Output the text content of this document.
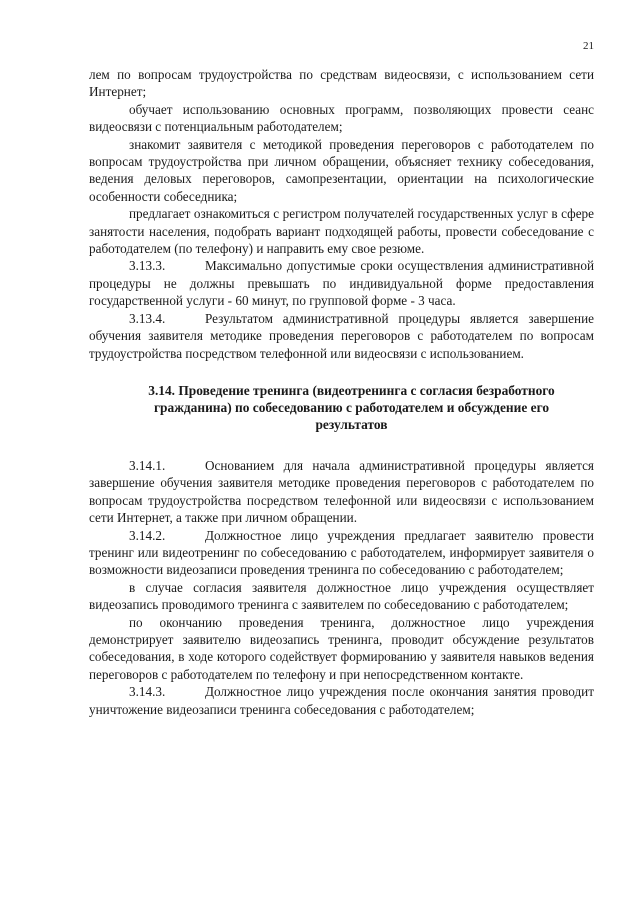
21

лем по вопросам трудоустройства по средствам видеосвязи, с использованием сети Интернет;

обучает использованию основных программ, позволяющих провести сеанс видеосвязи с потенциальным работодателем;

знакомит заявителя с методикой проведения переговоров с работодателем по вопросам трудоустройства при личном обращении, объясняет технику собеседования, ведения деловых переговоров, самопрезентации, ориентации на психологические особенности собеседника;

предлагает ознакомиться с регистром получателей государственных услуг в сфере занятости населения, подобрать вариант подходящей работы, провести собеседование с работодателем (по телефону) и направить ему свое резюме.

3.13.3.	Максимально допустимые сроки осуществления административной процедуры не должны превышать по индивидуальной форме предоставления государственной услуги - 60 минут, по групповой форме - 3 часа.

3.13.4.	Результатом административной процедуры является завершение обучения заявителя методике проведения переговоров с работодателем по вопросам трудоустройства посредством телефонной или видеосвязи с использованием.

3.14. Проведение тренинга (видеотренинга с согласия безработного гражданина) по собеседованию с работодателем и обсуждение его результатов

3.14.1.	Основанием для начала административной процедуры является завершение обучения заявителя методике проведения переговоров с работодателем по вопросам трудоустройства посредством телефонной или видеосвязи с использованием сети Интернет, а также при личном обращении.

3.14.2.	Должностное лицо учреждения предлагает заявителю провести тренинг или видеотренинг по собеседованию с работодателем, информирует заявителя о возможности видеозаписи проведения тренинга по собеседованию с работодателем;

в случае согласия заявителя должностное лицо учреждения осуществляет видеозапись проводимого тренинга с заявителем по собеседованию с работодателем;

по окончанию проведения тренинга, должностное лицо учреждения демонстрирует заявителю видеозапись тренинга, проводит обсуждение результатов собеседования, в ходе которого содействует формированию у заявителя навыков ведения переговоров с работодателем по телефону и при непосредственном контакте.

3.14.3.	Должностное лицо учреждения после окончания занятия проводит уничтожение видеозаписи тренинга собеседования с работодателем;
